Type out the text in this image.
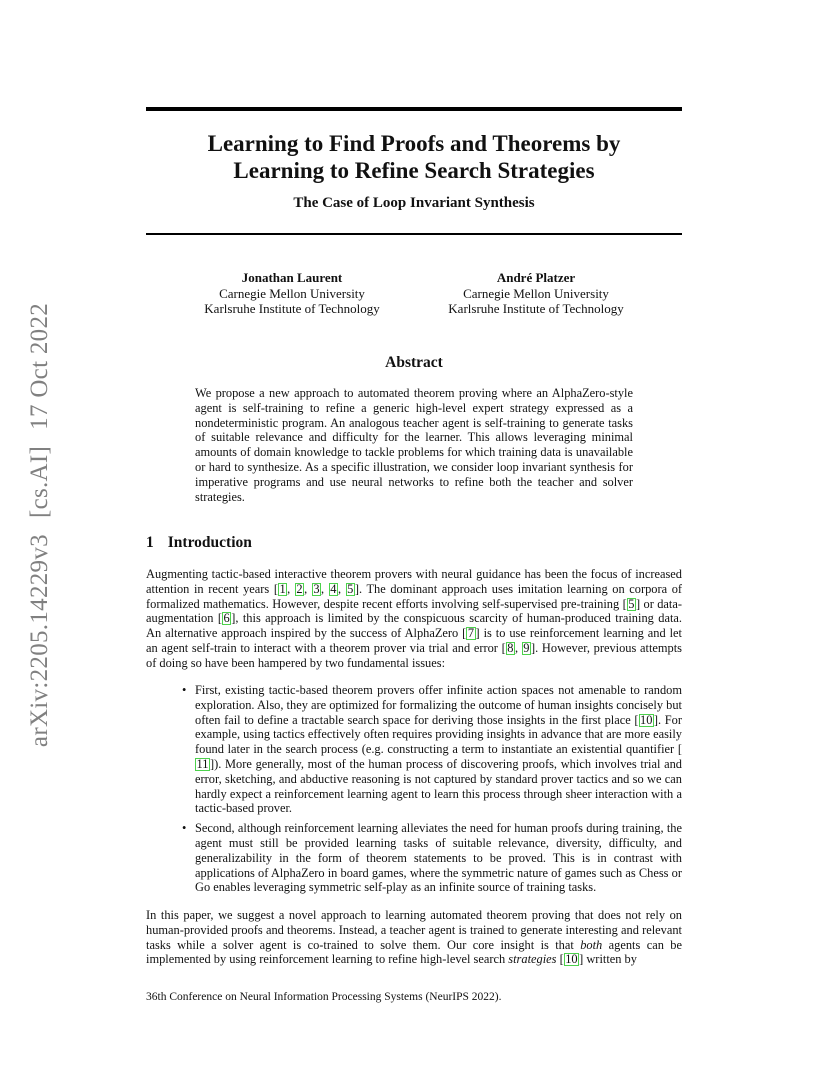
arXiv:2205.14229v3[cs.AI]17 Oct 2022
Learning to Find Proofs and Theorems by
Learning to Refine Search Strategies
The Case of Loop Invariant Synthesis
Jonathan Laurent
Carnegie Mellon University
Karlsruhe Institute of Technology
André Platzer
Carnegie Mellon University
Karlsruhe Institute of Technology
Abstract
We propose a new approach to automated theorem proving where an AlphaZero-style agent is self-training to refine a generic high-level expert strategy expressed as a nondeterministic program. An analogous teacher agent is self-training to generate tasks of suitable relevance and difficulty for the learner. This allows leveraging minimal amounts of domain knowledge to tackle problems for which training data is unavailable or hard to synthesize. As a specific illustration, we consider loop invariant synthesis for imperative programs and use neural networks to refine both the teacher and solver strategies.
1 Introduction
Augmenting tactic-based interactive theorem provers with neural guidance has been the focus of increased attention in recent years [ 1 , 2 , 3 , 4 , 5 ]. The dominant approach uses imitation learning on corpora of formalized mathematics. However, despite recent efforts involving self-supervised pre-training [ 5 ] or data-augmentation [ 6 ], this approach is limited by the conspicuous scarcity of human-produced training data. An alternative approach inspired by the success of AlphaZero [ 7 ] is to use reinforcement learning and let an agent self-train to interact with a theorem prover via trial and error [ 8 , 9 ]. However, previous attempts of doing so have been hampered by two fundamental issues:
• First, existing tactic-based theorem provers offer infinite action spaces not amenable to random exploration. Also, they are optimized for formalizing the outcome of human insights concisely but often fail to define a tractable search space for deriving those insights in the first place [ 10 ]. For example, using tactics effectively often requires providing insights in advance that are more easily found later in the search process (e.g. constructing a term to instantiate an existential quantifier [11 ]). More generally, most of the human process of discovering proofs, which involves trial and error, sketching, and abductive reasoning is not captured by standard prover tactics and so we can hardly expect a reinforcement learning agent to learn this process through sheer interaction with a tactic-based prover.
• Second, although reinforcement learning alleviates the need for human proofs during training, the agent must still be provided learning tasks of suitable relevance, diversity, difficulty, and generalizability in the form of theorem statements to be proved. This is in contrast with applications of AlphaZero in board games, where the symmetric nature of games such as Chess or Go enables leveraging symmetric self-play as an infinite source of training tasks.
In this paper, we suggest a novel approach to learning automated theorem proving that does not rely on human-provided proofs and theorems. Instead, a teacher agent is trained to generate interesting and relevant tasks while a solver agent is co-trained to solve them. Our core insight is that both agents can be implemented by using reinforcement learning to refine high-level search strategies [ 10 ] written by
36th Conference on Neural Information Processing Systems (NeurIPS 2022).
